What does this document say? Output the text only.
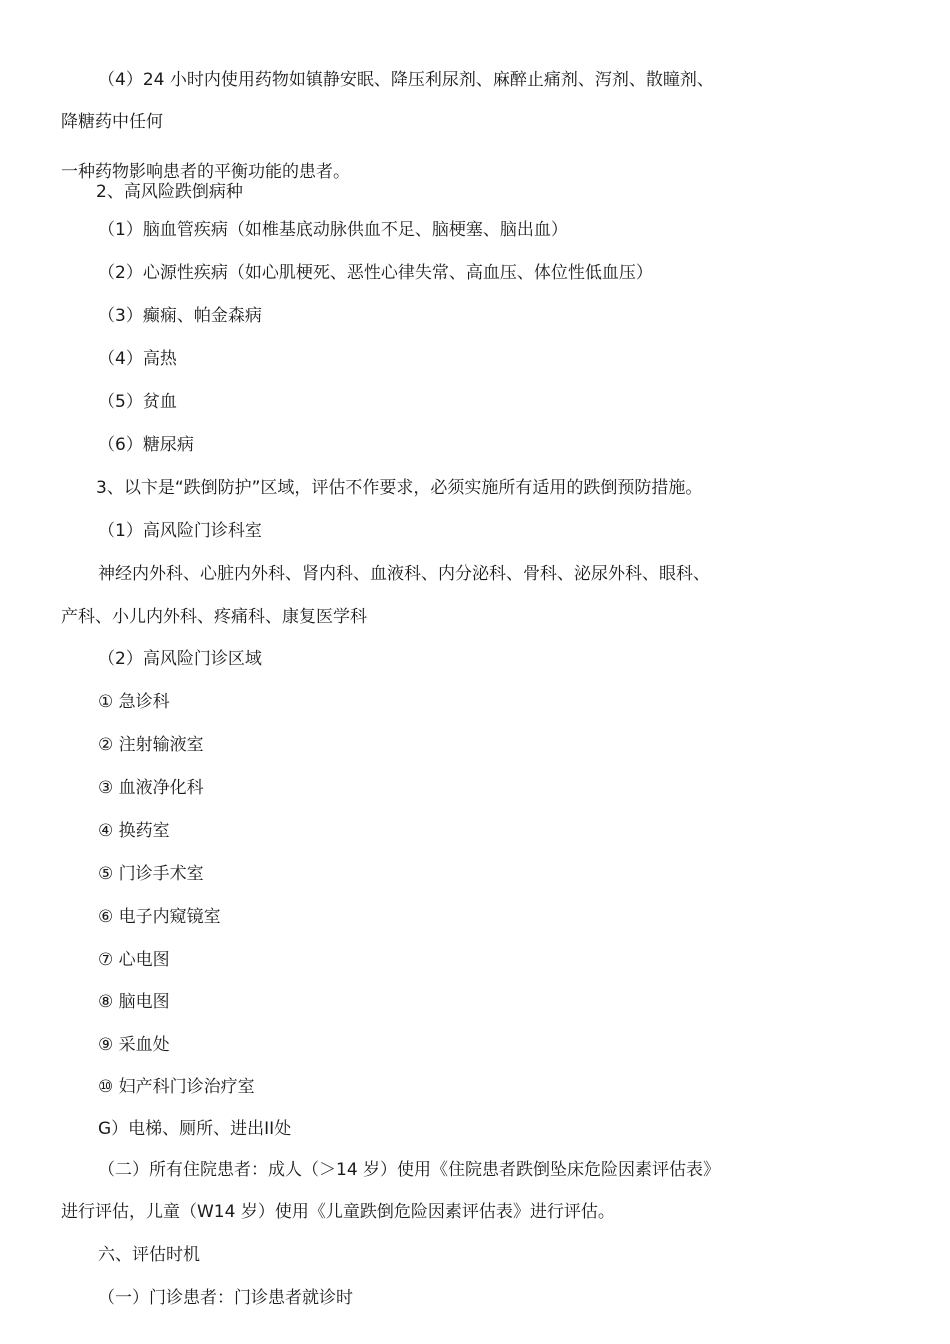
（4）24 小时内使用药物如镇静安眠、降压利尿剂、麻醉止痛剂、泻剂、散瞳剂、
降糖药中任何
一种药物影响患者的平衡功能的患者。
2、高风险跌倒病种
（1）脑血管疾病（如椎基底动脉供血不足、脑梗塞、脑出血）
（2）心源性疾病（如心肌梗死、恶性心律失常、高血压、体位性低血压）
（3）癫痫、帕金森病
（4）高热
（5）贫血
（6）糖尿病
3、以卞是“跌倒防护”区域，评估不作要求，必须实施所有适用的跌倒预防措施。
（1）高风险门诊科室
神经内外科、心脏内外科、肾内科、血液科、内分泌科、骨科、泌尿外科、眼科、
产科、小儿内外科、疼痛科、康复医学科
（2）高风险门诊区域
① 急诊科
② 注射输液室
③ 血液净化科
④ 换药室
⑤ 门诊手术室
⑥ 电子内窥镜室
⑦ 心电图
⑧ 脑电图
⑨ 采血处
⑩ 妇产科门诊治疗室
G）电梯、厕所、进出II处
（二）所有住院患者：成人（＞14 岁）使用《住院患者跌倒坠床危险因素评估表》
进行评估，儿童（W14 岁）使用《儿童跌倒危险因素评估表》进行评估。
六、评估时机
（一）门诊患者：门诊患者就诊时
